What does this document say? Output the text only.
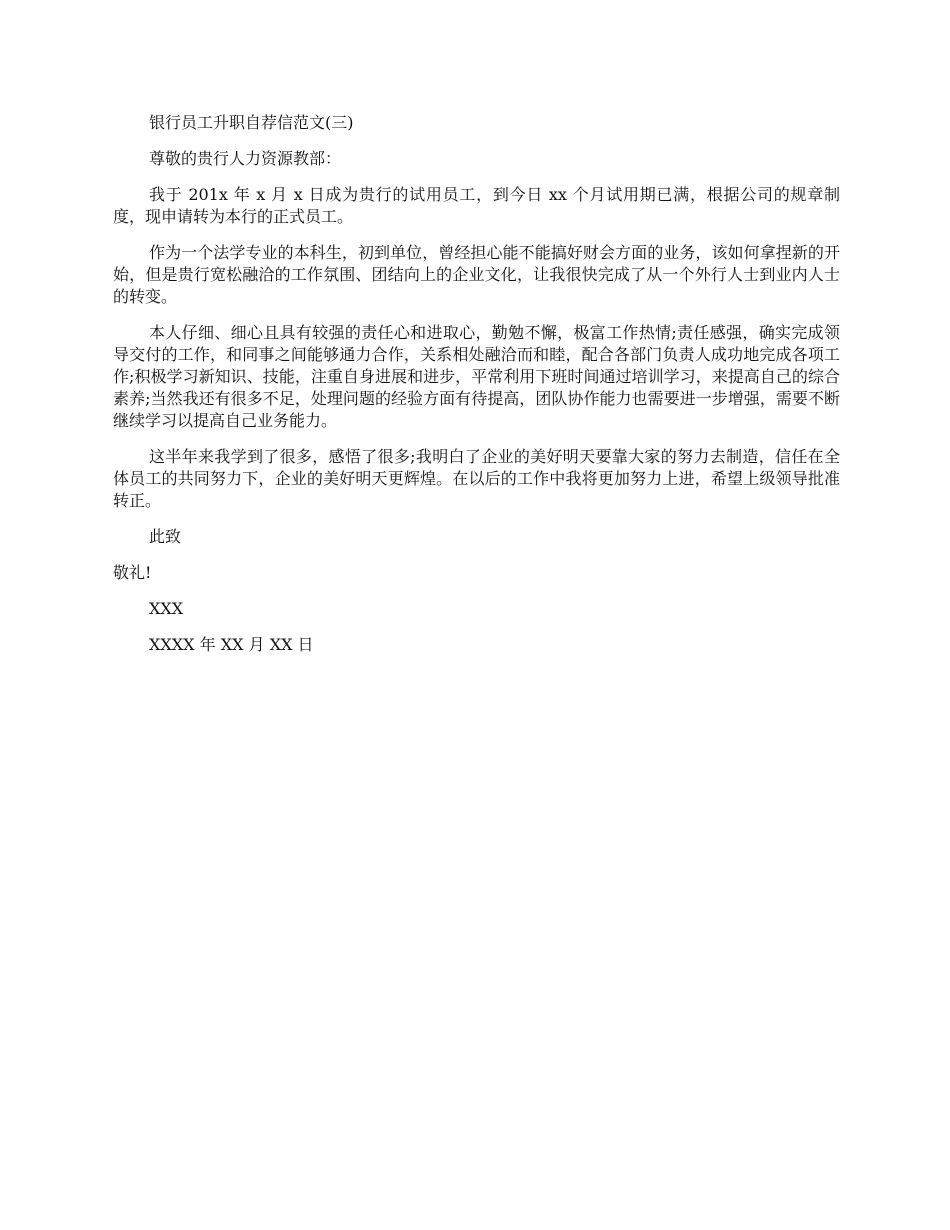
银行员工升职自荐信范文(三)

尊敬的贵行人力资源教部：

我于 201x 年 x 月 x 日成为贵行的试用员工，到今日 xx 个月试用期已满，根据公司的规章制度，现申请转为本行的正式员工。

作为一个法学专业的本科生，初到单位，曾经担心能不能搞好财会方面的业务，该如何拿捏新的开始，但是贵行宽松融洽的工作氛围、团结向上的企业文化，让我很快完成了从一个外行人士到业内人士的转变。

本人仔细、细心且具有较强的责任心和进取心，勤勉不懈，极富工作热情;责任感强，确实完成领导交付的工作，和同事之间能够通力合作，关系相处融洽而和睦，配合各部门负责人成功地完成各项工作;积极学习新知识、技能，注重自身进展和进步，平常利用下班时间通过培训学习，来提高自己的综合素养;当然我还有很多不足，处理问题的经验方面有待提高，团队协作能力也需要进一步增强，需要不断继续学习以提高自己业务能力。

这半年来我学到了很多，感悟了很多;我明白了企业的美好明天要靠大家的努力去制造，信任在全体员工的共同努力下，企业的美好明天更辉煌。在以后的工作中我将更加努力上进，希望上级领导批准转正。

此致

敬礼!

XXX

XXXX 年 XX 月 XX 日
